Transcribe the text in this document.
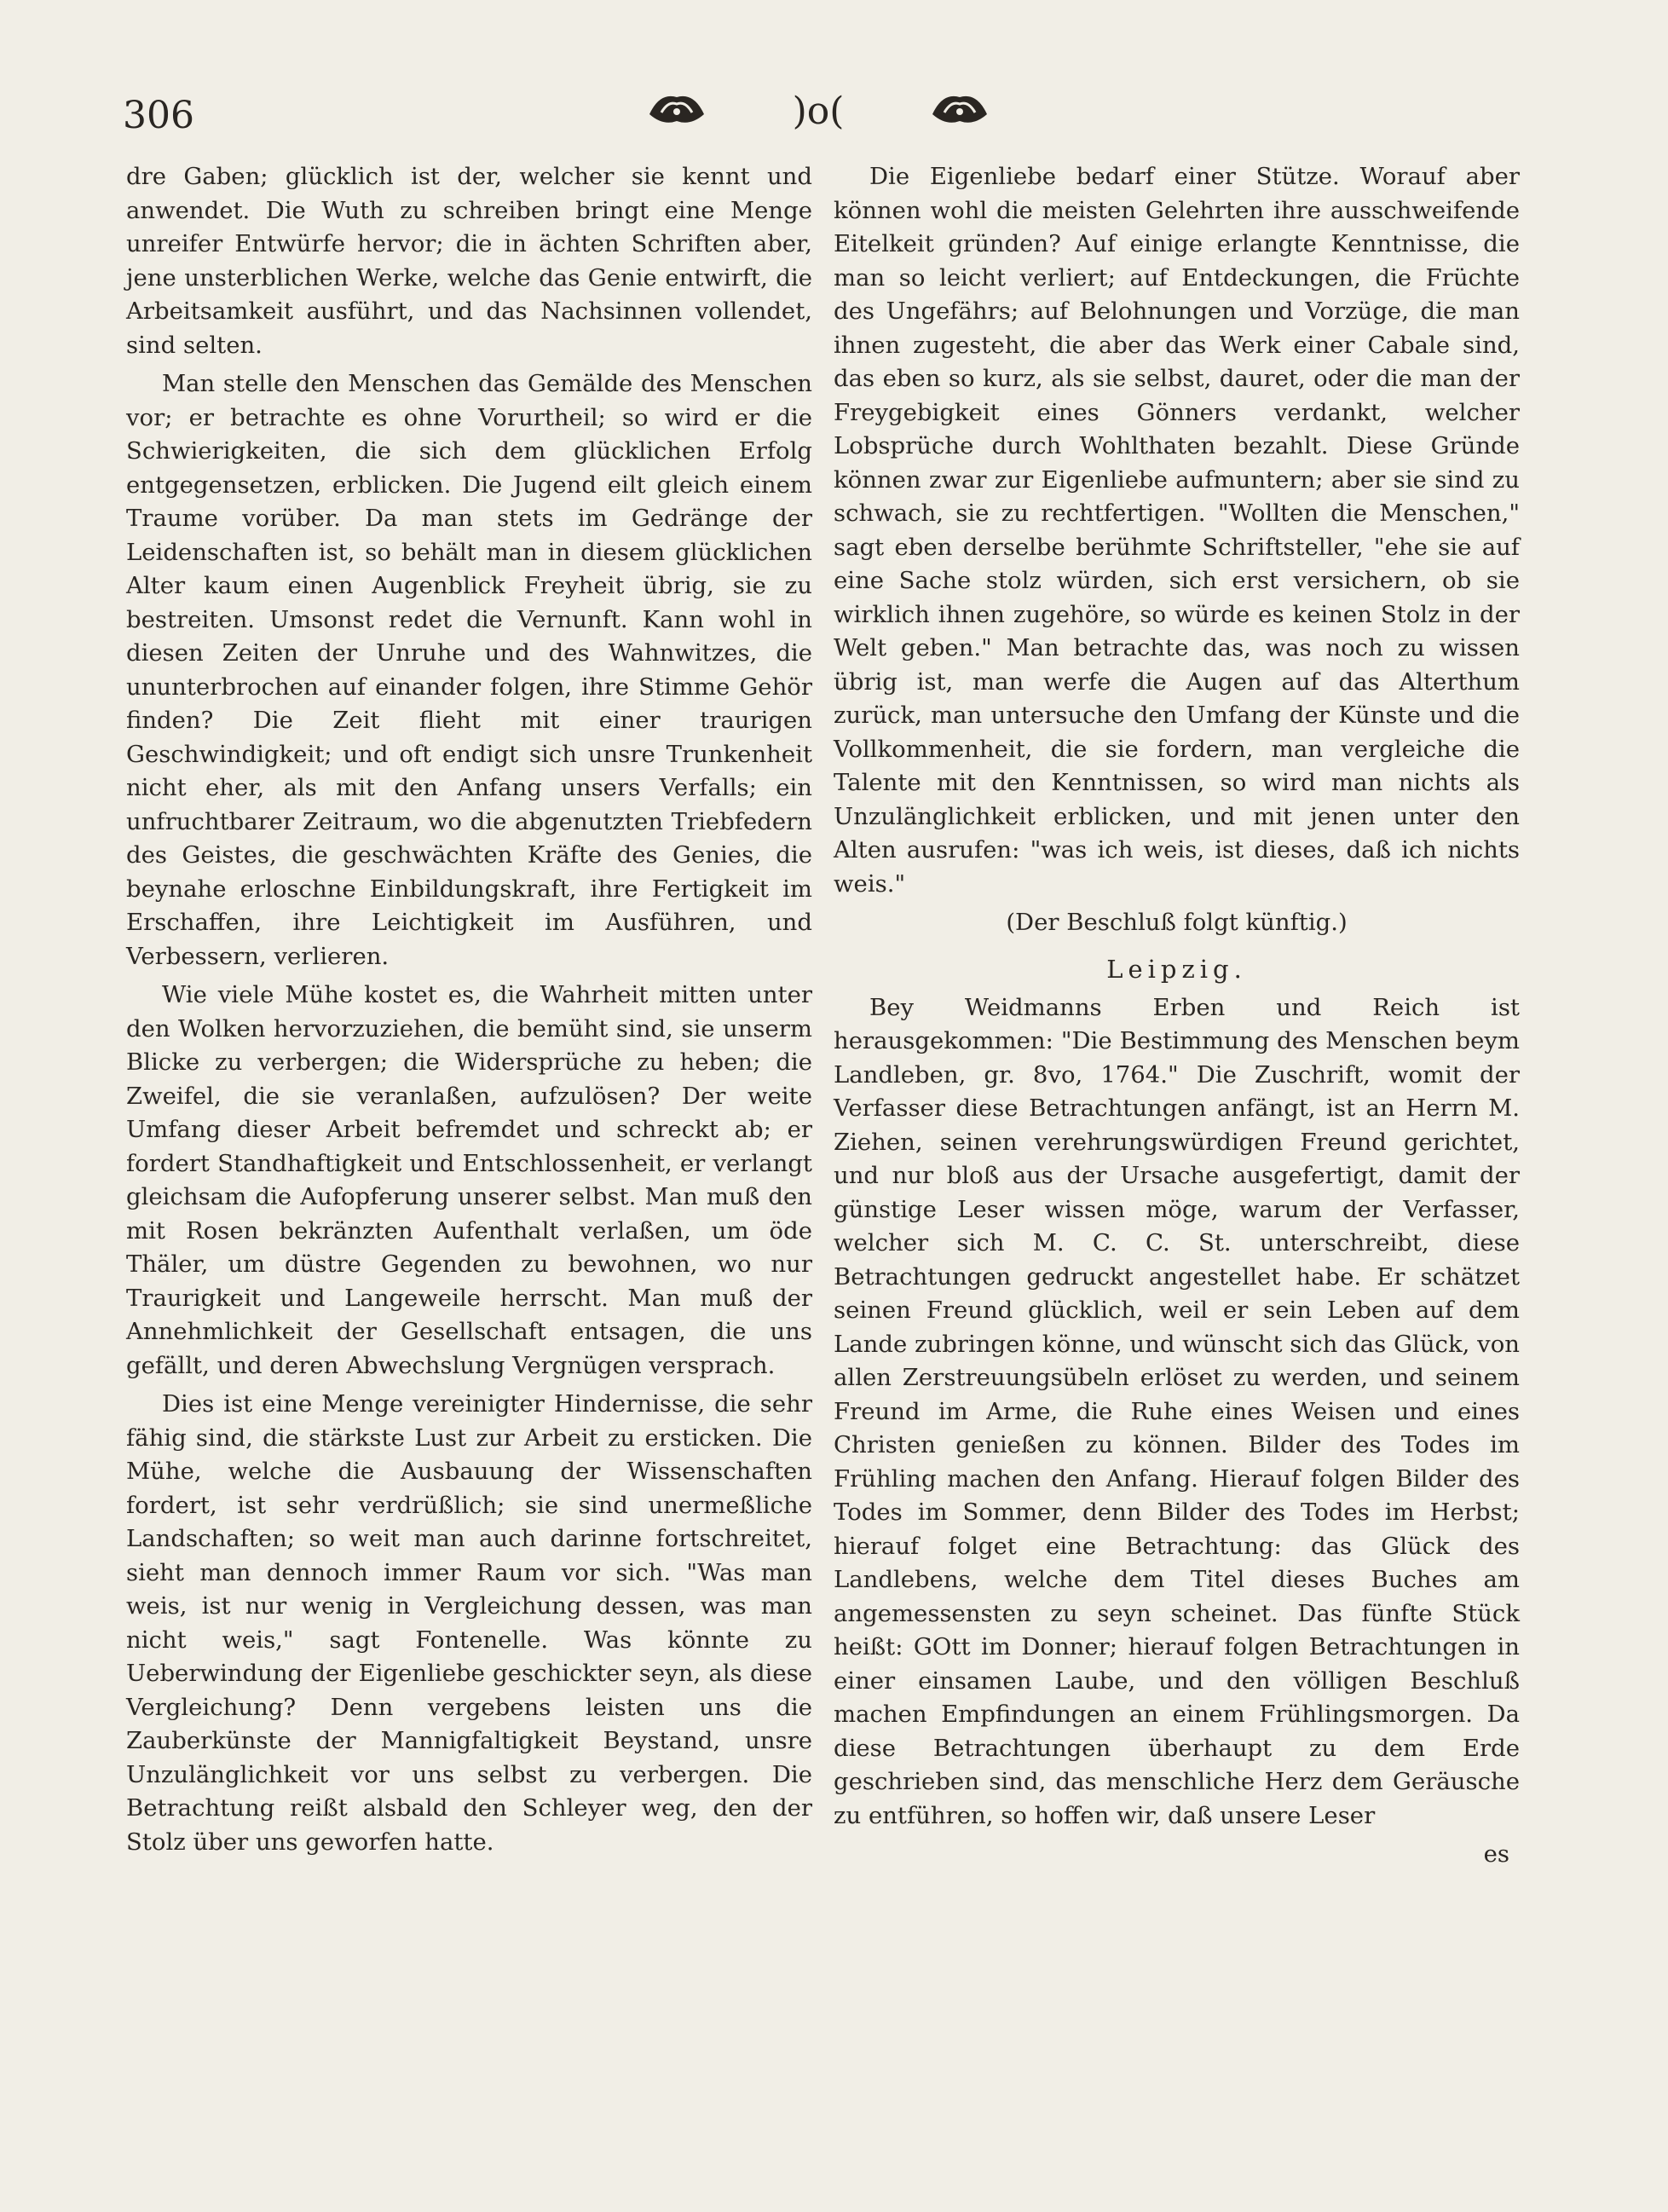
306	)o(

dre Gaben; glücklich ist der, welcher sie kennt und anwendet. Die Wuth zu schreiben bringt eine Menge unreifer Entwürfe hervor; die in ächten Schriften aber, jene unsterblichen Werke, welche das Genie entwirft, die Arbeitsamkeit ausführt, und das Nachsinnen vollendet, sind selten.

Man stelle den Menschen das Gemälde des Menschen vor; er betrachte es ohne Vorurtheil; so wird er die Schwierigkeiten, die sich dem glücklichen Erfolg entgegensetzen, erblicken. Die Jugend eilt gleich einem Traume vorüber. Da man stets im Gedränge der Leidenschaften ist, so behält man in diesem glücklichen Alter kaum einen Augenblick Freyheit übrig, sie zu bestreiten. Umsonst redet die Vernunft. Kann wohl in diesen Zeiten der Unruhe und des Wahnwitzes, die ununterbrochen auf einander folgen, ihre Stimme Gehör finden? Die Zeit flieht mit einer traurigen Geschwindigkeit; und oft endigt sich unsre Trunkenheit nicht eher, als mit den Anfang unsers Verfalls; ein unfruchtbarer Zeitraum, wo die abgenutzten Triebfedern des Geistes, die geschwächten Kräfte des Genies, die beynahe erloschne Einbildungskraft, ihre Fertigkeit im Erschaffen, ihre Leichtigkeit im Ausführen, und Verbessern, verlieren.

Wie viele Mühe kostet es, die Wahrheit mitten unter den Wolken hervorzuziehen, die bemüht sind, sie unserm Blicke zu verbergen; die Widersprüche zu heben; die Zweifel, die sie veranlaßen, aufzulösen? Der weite Umfang dieser Arbeit befremdet und schreckt ab; er fordert Standhaftigkeit und Entschlossenheit, er verlangt gleichsam die Aufopferung unserer selbst. Man muß den mit Rosen bekränzten Aufenthalt verlaßen, um öde Thäler, um düstre Gegenden zu bewohnen, wo nur Traurigkeit und Langeweile herrscht. Man muß der Annehmlichkeit der Gesellschaft entsagen, die uns gefällt, und deren Abwechslung Vergnügen versprach.

Dies ist eine Menge vereinigter Hindernisse, die sehr fähig sind, die stärkste Lust zur Arbeit zu ersticken. Die Mühe, welche die Ausbauung der Wissenschaften fordert, ist sehr verdrüßlich; sie sind unermeßliche Landschaften; so weit man auch darinne fortschreitet, sieht man dennoch immer Raum vor sich. "Was man weis, ist nur wenig in Vergleichung dessen, was man nicht weis," sagt Fontenelle. Was könnte zu Ueberwindung der Eigenliebe geschickter seyn, als diese Vergleichung? Denn vergebens leisten uns die Zauberkünste der Mannigfaltigkeit Beystand, unsre Unzulänglichkeit vor uns selbst zu verbergen. Die Betrachtung reißt alsbald den Schleyer weg, den der Stolz über uns geworfen hatte.

Die Eigenliebe bedarf einer Stütze. Worauf aber können wohl die meisten Gelehrten ihre ausschweifende Eitelkeit gründen? Auf einige erlangte Kenntnisse, die man so leicht verliert; auf Entdeckungen, die Früchte des Ungefährs; auf Belohnungen und Vorzüge, die man ihnen zugesteht, die aber das Werk einer Cabale sind, das eben so kurz, als sie selbst, dauret, oder die man der Freygebigkeit eines Gönners verdankt, welcher Lobsprüche durch Wohlthaten bezahlt. Diese Gründe können zwar zur Eigenliebe aufmuntern; aber sie sind zu schwach, sie zu rechtfertigen. "Wollten die Menschen," sagt eben derselbe berühmte Schriftsteller, "ehe sie auf eine Sache stolz würden, sich erst versichern, ob sie wirklich ihnen zugehöre, so würde es keinen Stolz in der Welt geben." Man betrachte das, was noch zu wissen übrig ist, man werfe die Augen auf das Alterthum zurück, man untersuche den Umfang der Künste und die Vollkommenheit, die sie fordern, man vergleiche die Talente mit den Kenntnissen, so wird man nichts als Unzulänglichkeit erblicken, und mit jenen unter den Alten ausrufen: "was ich weis, ist dieses, daß ich nichts weis."

(Der Beschluß folgt künftig.)

Leipzig.

Bey Weidmanns Erben und Reich ist herausgekommen: "Die Bestimmung des Menschen beym Landleben, gr. 8vo, 1764." Die Zuschrift, womit der Verfasser diese Betrachtungen anfängt, ist an Herrn M. Ziehen, seinen verehrungswürdigen Freund gerichtet, und nur bloß aus der Ursache ausgefertigt, damit der günstige Leser wissen möge, warum der Verfasser, welcher sich M. C. C. St. unterschreibt, diese Betrachtungen gedruckt angestellet habe. Er schätzet seinen Freund glücklich, weil er sein Leben auf dem Lande zubringen könne, und wünscht sich das Glück, von allen Zerstreuungsübeln erlöset zu werden, und seinem Freund im Arme, die Ruhe eines Weisen und eines Christen genießen zu können. Bilder des Todes im Frühling machen den Anfang. Hierauf folgen Bilder des Todes im Sommer, denn Bilder des Todes im Herbst; hierauf folget eine Betrachtung: das Glück des Landlebens, welche dem Titel dieses Buches am angemessensten zu seyn scheinet. Das fünfte Stück heißt: GOtt im Donner; hierauf folgen Betrachtungen in einer einsamen Laube, und den völligen Beschluß machen Empfindungen an einem Frühlingsmorgen. Da diese Betrachtungen überhaupt zu dem Erde geschrieben sind, das menschliche Herz dem Geräusche zu entführen, so hoffen wir, daß unsere Leser

es
